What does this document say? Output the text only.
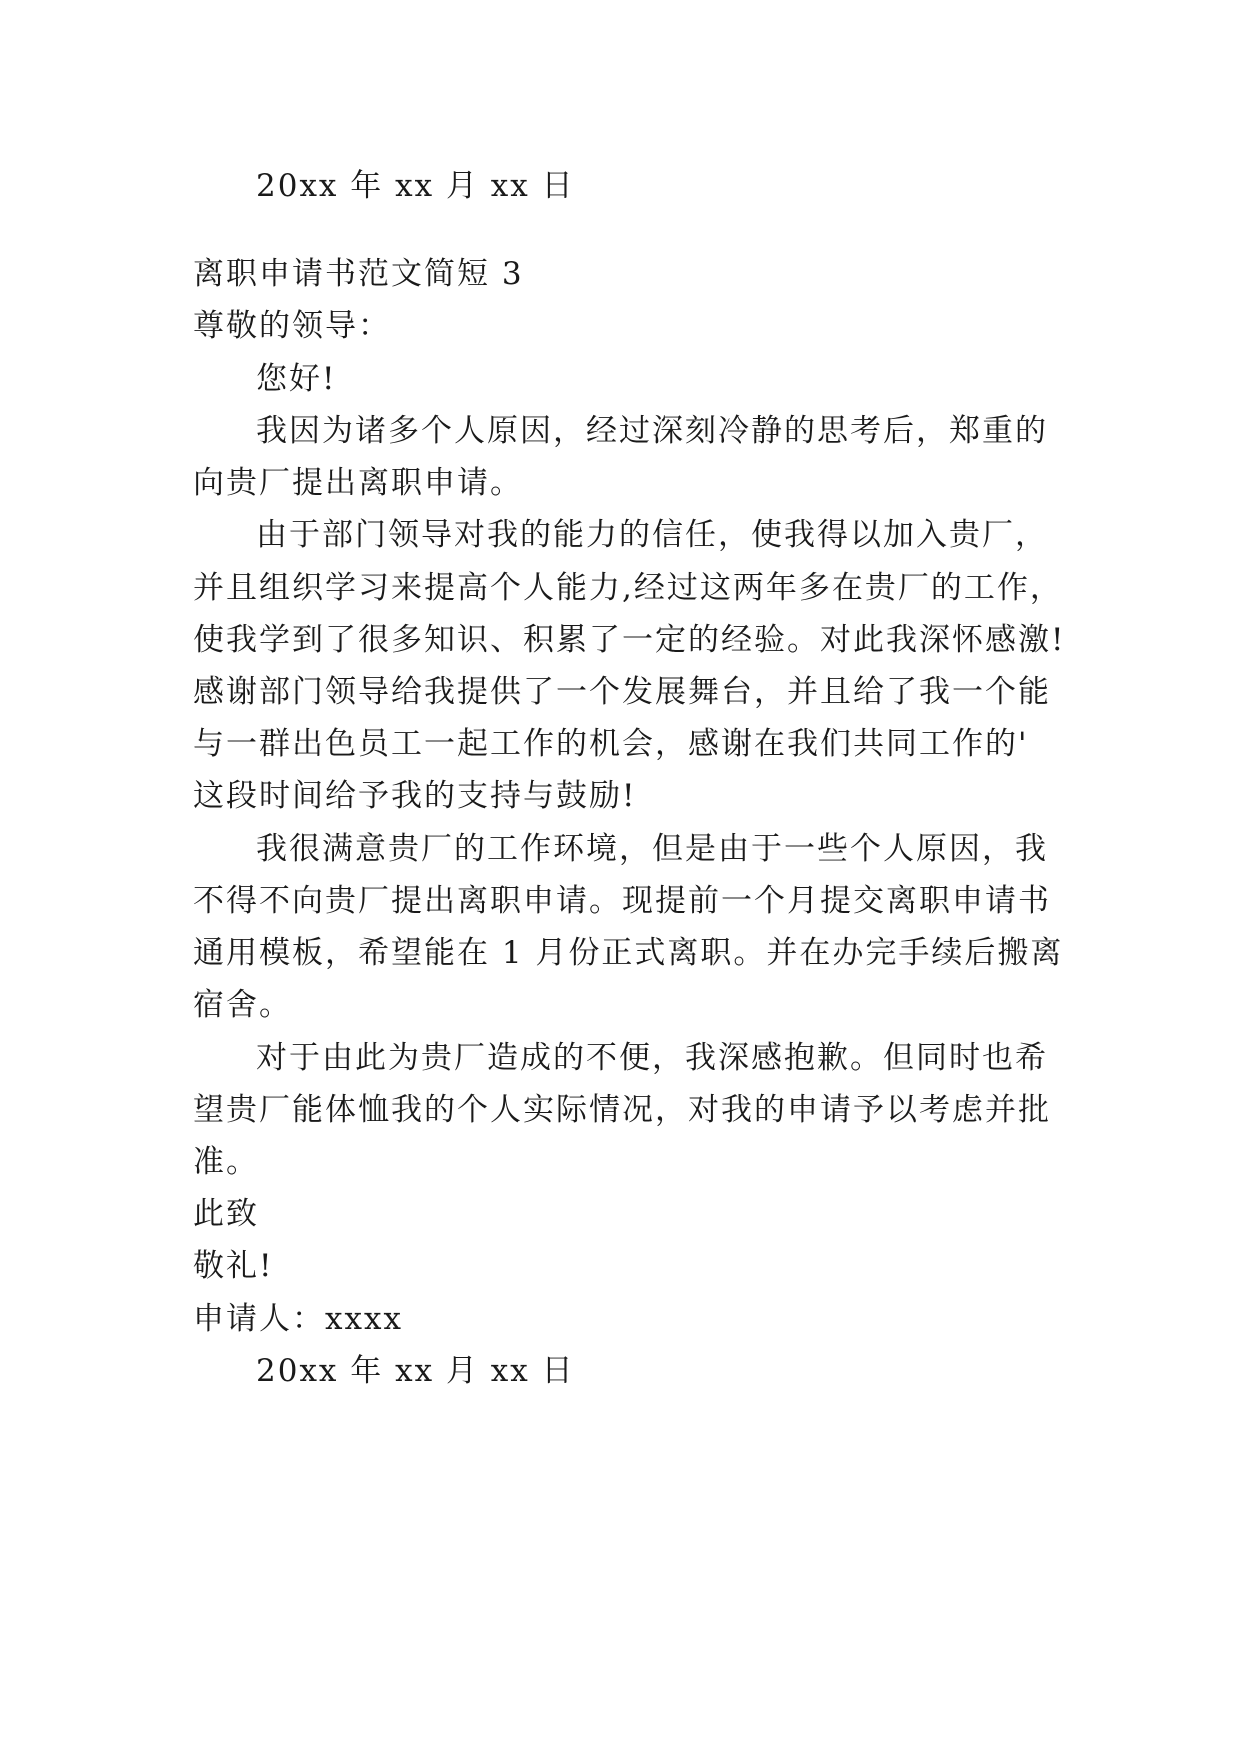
20xx 年 xx 月 xx 日
离职申请书范文简短 3
尊敬的领导：
您好!
我因为诸多个人原因，经过深刻冷静的思考后，郑重的
向贵厂提出离职申请。
由于部门领导对我的能力的信任，使我得以加入贵厂，
并且组织学习来提高个人能力,经过这两年多在贵厂的工作，
使我学到了很多知识、积累了一定的经验。对此我深怀感激!
感谢部门领导给我提供了一个发展舞台，并且给了我一个能
与一群出色员工一起工作的机会，感谢在我们共同工作的'
这段时间给予我的支持与鼓励!
我很满意贵厂的工作环境，但是由于一些个人原因，我
不得不向贵厂提出离职申请。现提前一个月提交离职申请书
通用模板，希望能在 1 月份正式离职。并在办完手续后搬离
宿舍。
对于由此为贵厂造成的不便，我深感抱歉。但同时也希
望贵厂能体恤我的个人实际情况，对我的申请予以考虑并批
准。
此致
敬礼!
申请人：xxxx
20xx 年 xx 月 xx 日
